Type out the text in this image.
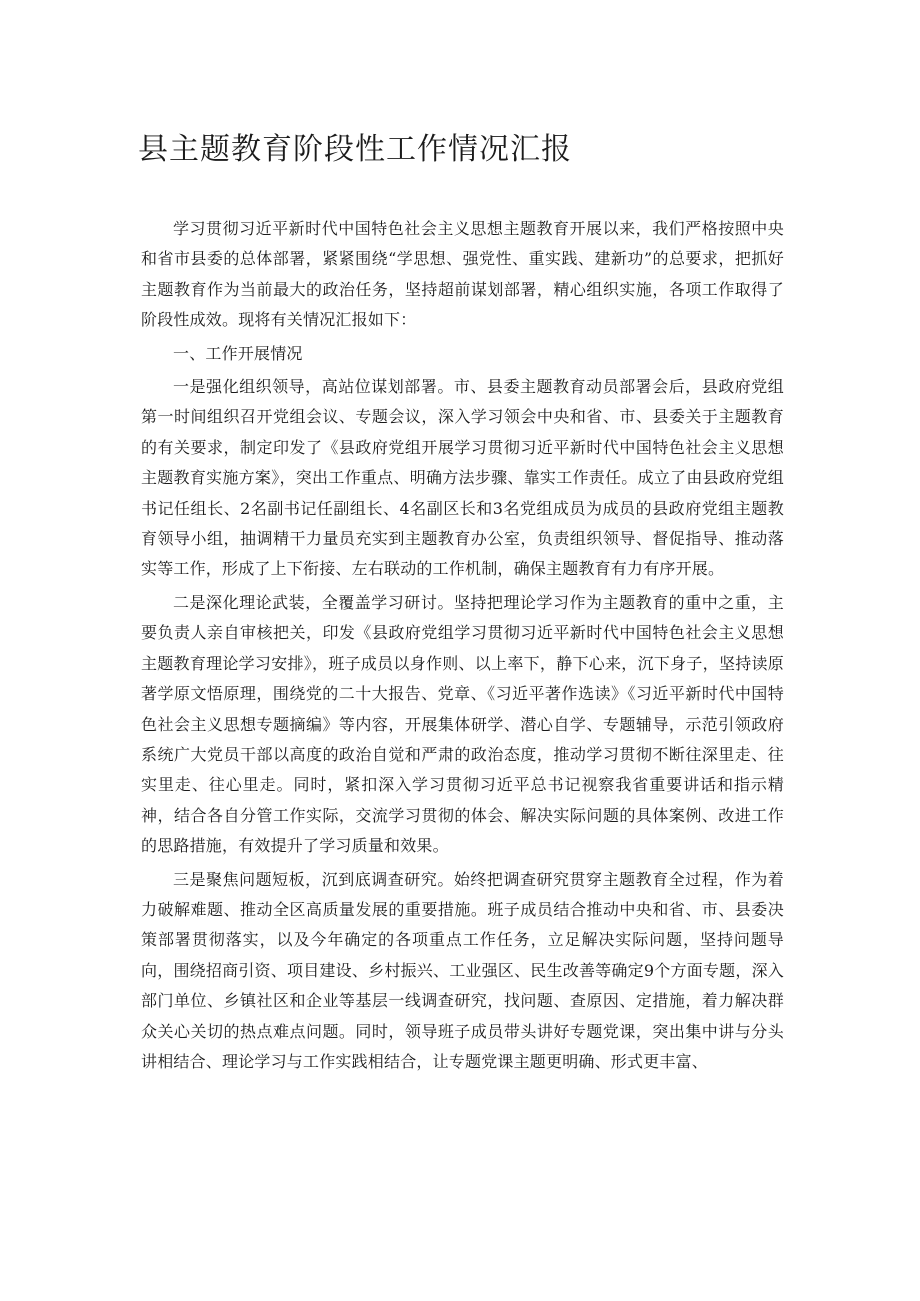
县主题教育阶段性工作情况汇报

学习贯彻习近平新时代中国特色社会主义思想主题教育开展以来，我们严格按照中央和省市县委的总体部署，紧紧围绕“学思想、强党性、重实践、建新功”的总要求，把抓好主题教育作为当前最大的政治任务，坚持超前谋划部署，精心组织实施，各项工作取得了阶段性成效。现将有关情况汇报如下：

一、工作开展情况

一是强化组织领导，高站位谋划部署。市、县委主题教育动员部署会后，县政府党组第一时间组织召开党组会议、专题会议，深入学习领会中央和省、市、县委关于主题教育的有关要求，制定印发了《县政府党组开展学习贯彻习近平新时代中国特色社会主义思想主题教育实施方案》，突出工作重点、明确方法步骤、靠实工作责任。成立了由县政府党组书记任组长、2名副书记任副组长、4名副区长和3名党组成员为成员的县政府党组主题教育领导小组，抽调精干力量员充实到主题教育办公室，负责组织领导、督促指导、推动落实等工作，形成了上下衔接、左右联动的工作机制，确保主题教育有力有序开展。

二是深化理论武装，全覆盖学习研讨。坚持把理论学习作为主题教育的重中之重，主要负责人亲自审核把关，印发《县政府党组学习贯彻习近平新时代中国特色社会主义思想主题教育理论学习安排》，班子成员以身作则、以上率下，静下心来，沉下身子，坚持读原著学原文悟原理，围绕党的二十大报告、党章、《习近平著作选读》《习近平新时代中国特色社会主义思想专题摘编》等内容，开展集体研学、潜心自学、专题辅导，示范引领政府系统广大党员干部以高度的政治自觉和严肃的政治态度，推动学习贯彻不断往深里走、往实里走、往心里走。同时，紧扣深入学习贯彻习近平总书记视察我省重要讲话和指示精神，结合各自分管工作实际，交流学习贯彻的体会、解决实际问题的具体案例、改进工作的思路措施，有效提升了学习质量和效果。

三是聚焦问题短板，沉到底调查研究。始终把调查研究贯穿主题教育全过程，作为着力破解难题、推动全区高质量发展的重要措施。班子成员结合推动中央和省、市、县委决策部署贯彻落实，以及今年确定的各项重点工作任务，立足解决实际问题，坚持问题导向，围绕招商引资、项目建设、乡村振兴、工业强区、民生改善等确定9个方面专题，深入部门单位、乡镇社区和企业等基层一线调查研究，找问题、查原因、定措施，着力解决群众关心关切的热点难点问题。同时，领导班子成员带头讲好专题党课，突出集中讲与分头讲相结合、理论学习与工作实践相结合，让专题党课主题更明确、形式更丰富、
